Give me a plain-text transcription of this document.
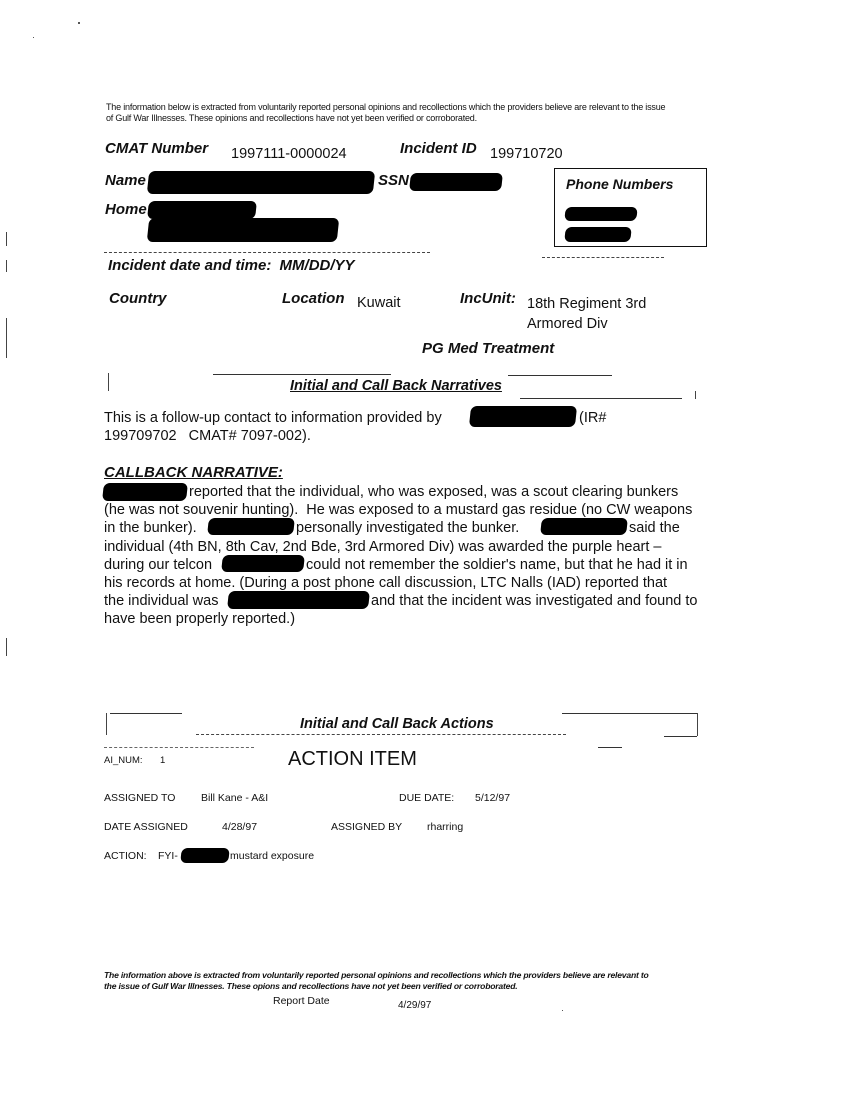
The information below is extracted from voluntarily reported personal opinions and recollections which the providers believe are relevant to the issue
of Gulf War Illnesses. These opinions and recollections have not yet been verified or corroborated.
CMAT Number 1997111-0000024	Incident ID 199710720
Name	SSN
Home
Phone Numbers
Incident date and time: MM/DD/YY
Country	Location Kuwait	IncUnit: 18th Regiment 3rd
Armored Div
PG Med Treatment
Initial and Call Back Narratives
This is a follow-up contact to information provided by	(IR#
199709702   CMAT# 7097-002).
CALLBACK NARRATIVE:
reported that the individual, who was exposed, was a scout clearing bunkers
(he was not souvenir hunting).  He was exposed to a mustard gas residue (no CW weapons
in the bunker).	personally investigated the bunker.	said the
individual (4th BN, 8th Cav, 2nd Bde, 3rd Armored Div) was awarded the purple heart –
during our telcon	could not remember the soldier's name, but that he had it in
his records at home. (During a post phone call discussion, LTC Nalls (IAD) reported that
the individual was	and that the incident was investigated and found to
have been properly reported.)
Initial and Call Back Actions
AI_NUM: 1	ACTION ITEM
ASSIGNED TO Bill Kane - A&I	DUE DATE: 5/12/97
DATE ASSIGNED	4/28/97	ASSIGNED BY rharring
ACTION: FYI-	mustard exposure
The information above is extracted from voluntarily reported personal opinions and recollections which the providers believe are relevant to
the issue of Gulf War Illnesses. These opions and recollections have not yet been verified or corroborated.
Report Date	4/29/97
